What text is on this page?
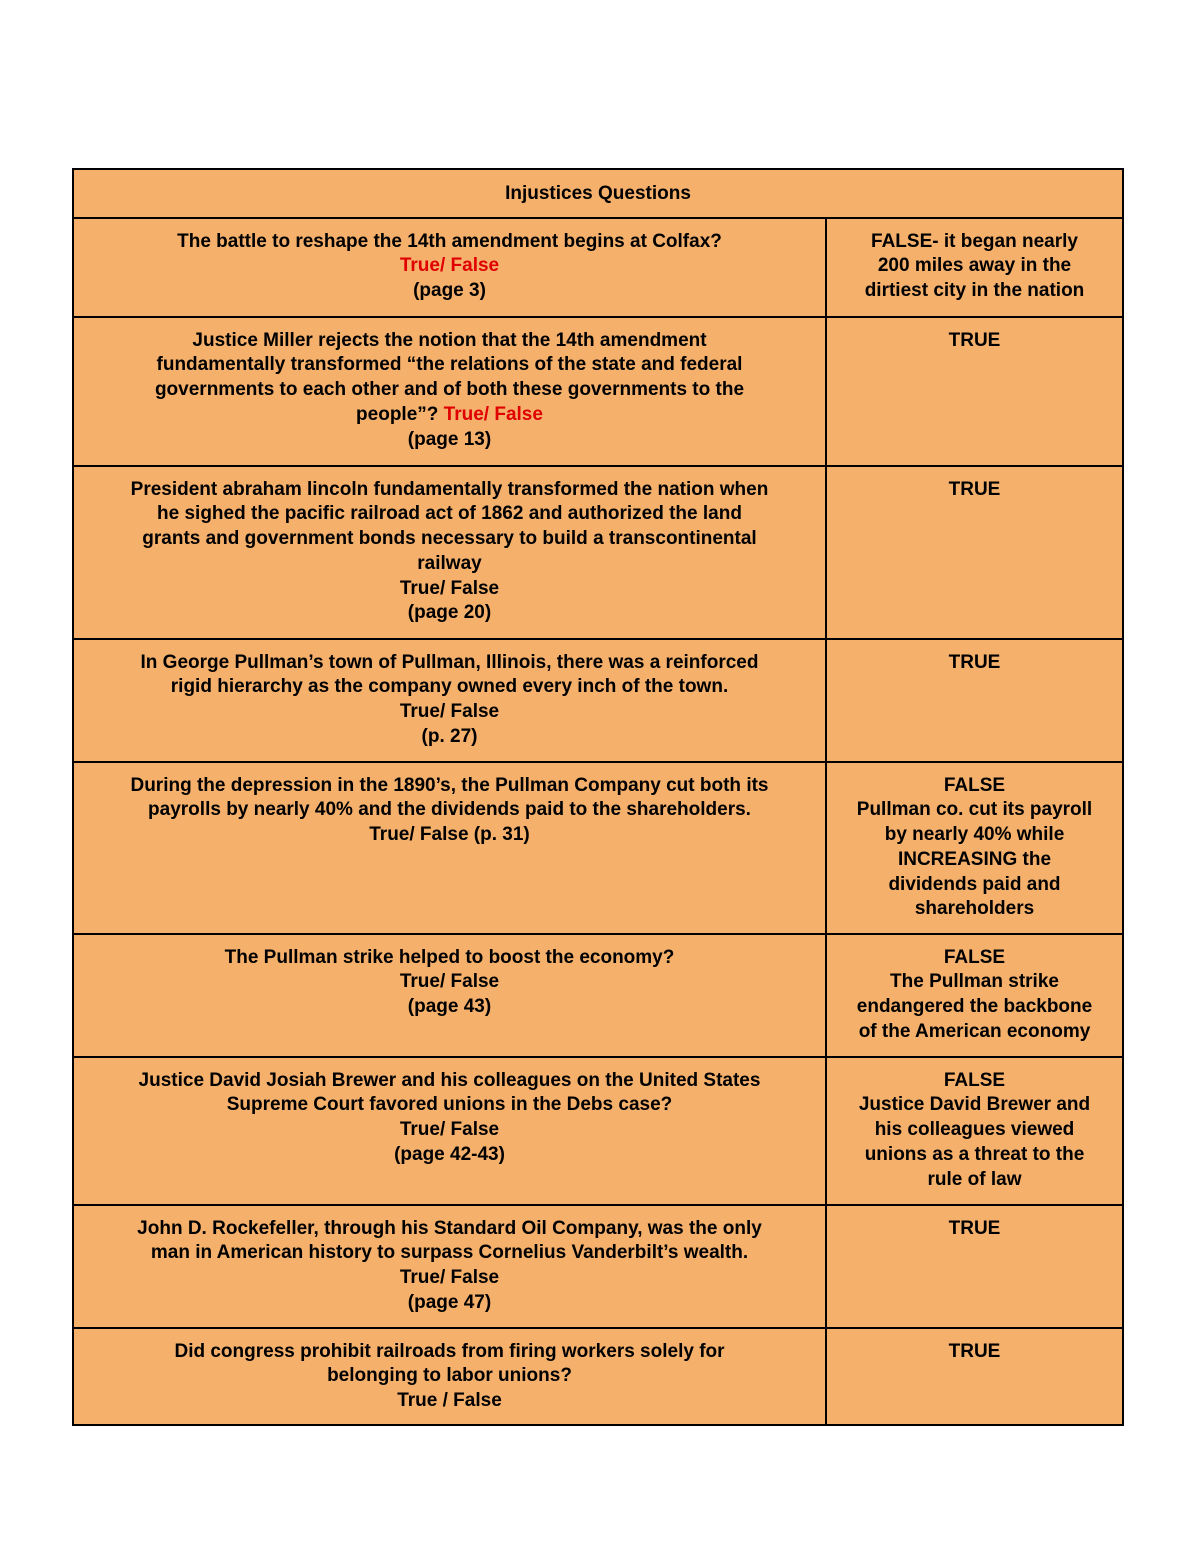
Injustices Questions
The battle to reshape the 14th amendment begins at Colfax?
True/ False
(page 3)
FALSE- it began nearly
200 miles away in the
dirtiest city in the nation
Justice Miller rejects the notion that the 14th amendment
fundamentally transformed “the relations of the state and federal
governments to each other and of both these governments to the
people”? True/ False
(page 13)
TRUE
President abraham lincoln fundamentally transformed the nation when
he sighed the pacific railroad act of 1862 and authorized the land
grants and government bonds necessary to build a transcontinental
railway
True/ False
(page 20)
TRUE
In George Pullman’s town of Pullman, Illinois, there was a reinforced
rigid hierarchy as the company owned every inch of the town.
True/ False
(p. 27)
TRUE
During the depression in the 1890’s, the Pullman Company cut both its
payrolls by nearly 40% and the dividends paid to the shareholders.
True/ False (p. 31)
FALSE
Pullman co. cut its payroll
by nearly 40% while
INCREASING the
dividends paid and
shareholders
The Pullman strike helped to boost the economy?
True/ False
(page 43)
FALSE
The Pullman strike
endangered the backbone
of the American economy
Justice David Josiah Brewer and his colleagues on the United States
Supreme Court favored unions in the Debs case?
True/ False
(page 42-43)
FALSE
Justice David Brewer and
his colleagues viewed
unions as a threat to the
rule of law
John D. Rockefeller, through his Standard Oil Company, was the only
man in American history to surpass Cornelius Vanderbilt’s wealth.
True/ False
(page 47)
TRUE
Did congress prohibit railroads from firing workers solely for
belonging to labor unions?
True / False
TRUE
